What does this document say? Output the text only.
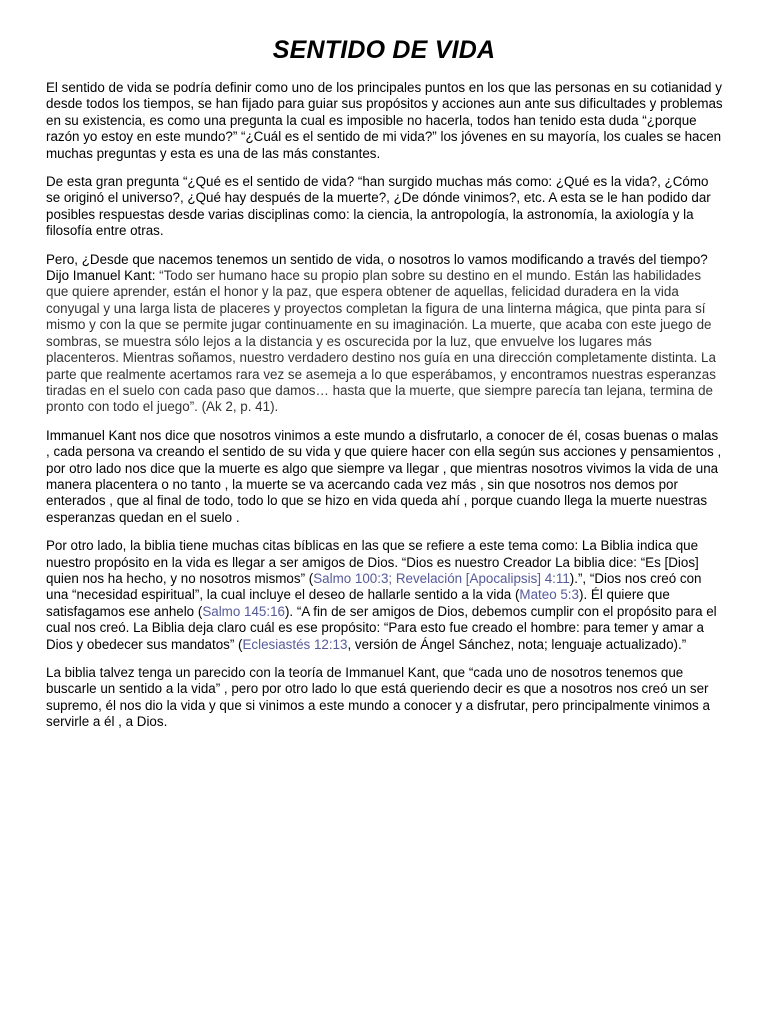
SENTIDO DE VIDA

El sentido de vida se podría definir como uno de los principales puntos en los que las personas en su cotianidad y desde todos los tiempos, se han fijado para guiar sus propósitos y acciones aun ante sus dificultades y problemas en su existencia, es como una pregunta la cual es imposible no hacerla, todos han tenido esta duda “¿porque razón yo estoy en este mundo?” “¿Cuál es el sentido de mi vida?” los jóvenes en su mayoría, los cuales se hacen muchas preguntas y esta es una de las más constantes.

De esta gran pregunta “¿Qué es el sentido de vida? “han surgido muchas más como: ¿Qué es la vida?, ¿Cómo se originó el universo?, ¿Qué hay después de la muerte?, ¿De dónde vinimos?, etc. A esta se le han podido dar posibles respuestas desde varias disciplinas como: la ciencia, la antropología, la astronomía, la axiología y la filosofía entre otras.

Pero, ¿Desde que nacemos tenemos un sentido de vida, o nosotros lo vamos modificando a través del tiempo? Dijo Imanuel Kant: “Todo ser humano hace su propio plan sobre su destino en el mundo. Están las habilidades que quiere aprender, están el honor y la paz, que espera obtener de aquellas, felicidad duradera en la vida conyugal y una larga lista de placeres y proyectos completan la figura de una linterna mágica, que pinta para sí mismo y con la que se permite jugar continuamente en su imaginación. La muerte, que acaba con este juego de sombras, se muestra sólo lejos a la distancia y es oscurecida por la luz, que envuelve los lugares más placenteros. Mientras soñamos, nuestro verdadero destino nos guía en una dirección completamente distinta. La parte que realmente acertamos rara vez se asemeja a lo que esperábamos, y encontramos nuestras esperanzas tiradas en el suelo con cada paso que damos… hasta que la muerte, que siempre parecía tan lejana, termina de pronto con todo el juego”. (Ak 2, p. 41).

Immanuel Kant nos dice que nosotros vinimos a este mundo a disfrutarlo, a conocer de él, cosas buenas o malas , cada persona va creando el sentido de su vida y que quiere hacer con ella según sus acciones y pensamientos , por otro lado nos dice que la muerte es algo que siempre va llegar , que mientras nosotros vivimos la vida de una manera placentera o no tanto , la muerte se va acercando cada vez más , sin que nosotros nos demos por enterados , que al final de todo, todo lo que se hizo en vida queda ahí , porque cuando llega la muerte nuestras esperanzas quedan en el suelo .

Por otro lado, la biblia tiene muchas citas bíblicas en las que se refiere a este tema como: La Biblia indica que nuestro propósito en la vida es llegar a ser amigos de Dios. “Dios es nuestro Creador La biblia dice: “Es [Dios] quien nos ha hecho, y no nosotros mismos” (Salmo 100:3; Revelación [Apocalipsis] 4:11).”, “Dios nos creó con una “necesidad espiritual”, la cual incluye el deseo de hallarle sentido a la vida (Mateo 5:3). Él quiere que satisfagamos ese anhelo (Salmo 145:16). “A fin de ser amigos de Dios, debemos cumplir con el propósito para el cual nos creó. La Biblia deja claro cuál es ese propósito: “Para esto fue creado el hombre: para temer y amar a Dios y obedecer sus mandatos” (Eclesiastés 12:13, versión de Ángel Sánchez, nota; lenguaje actualizado).”

La biblia talvez tenga un parecido con la teoría de Immanuel Kant, que “cada uno de nosotros tenemos que buscarle un sentido a la vida” , pero por otro lado lo que está queriendo decir es que a nosotros nos creó un ser supremo, él nos dio la vida y que si vinimos a este mundo a conocer y a disfrutar, pero principalmente vinimos a servirle a él , a Dios.
